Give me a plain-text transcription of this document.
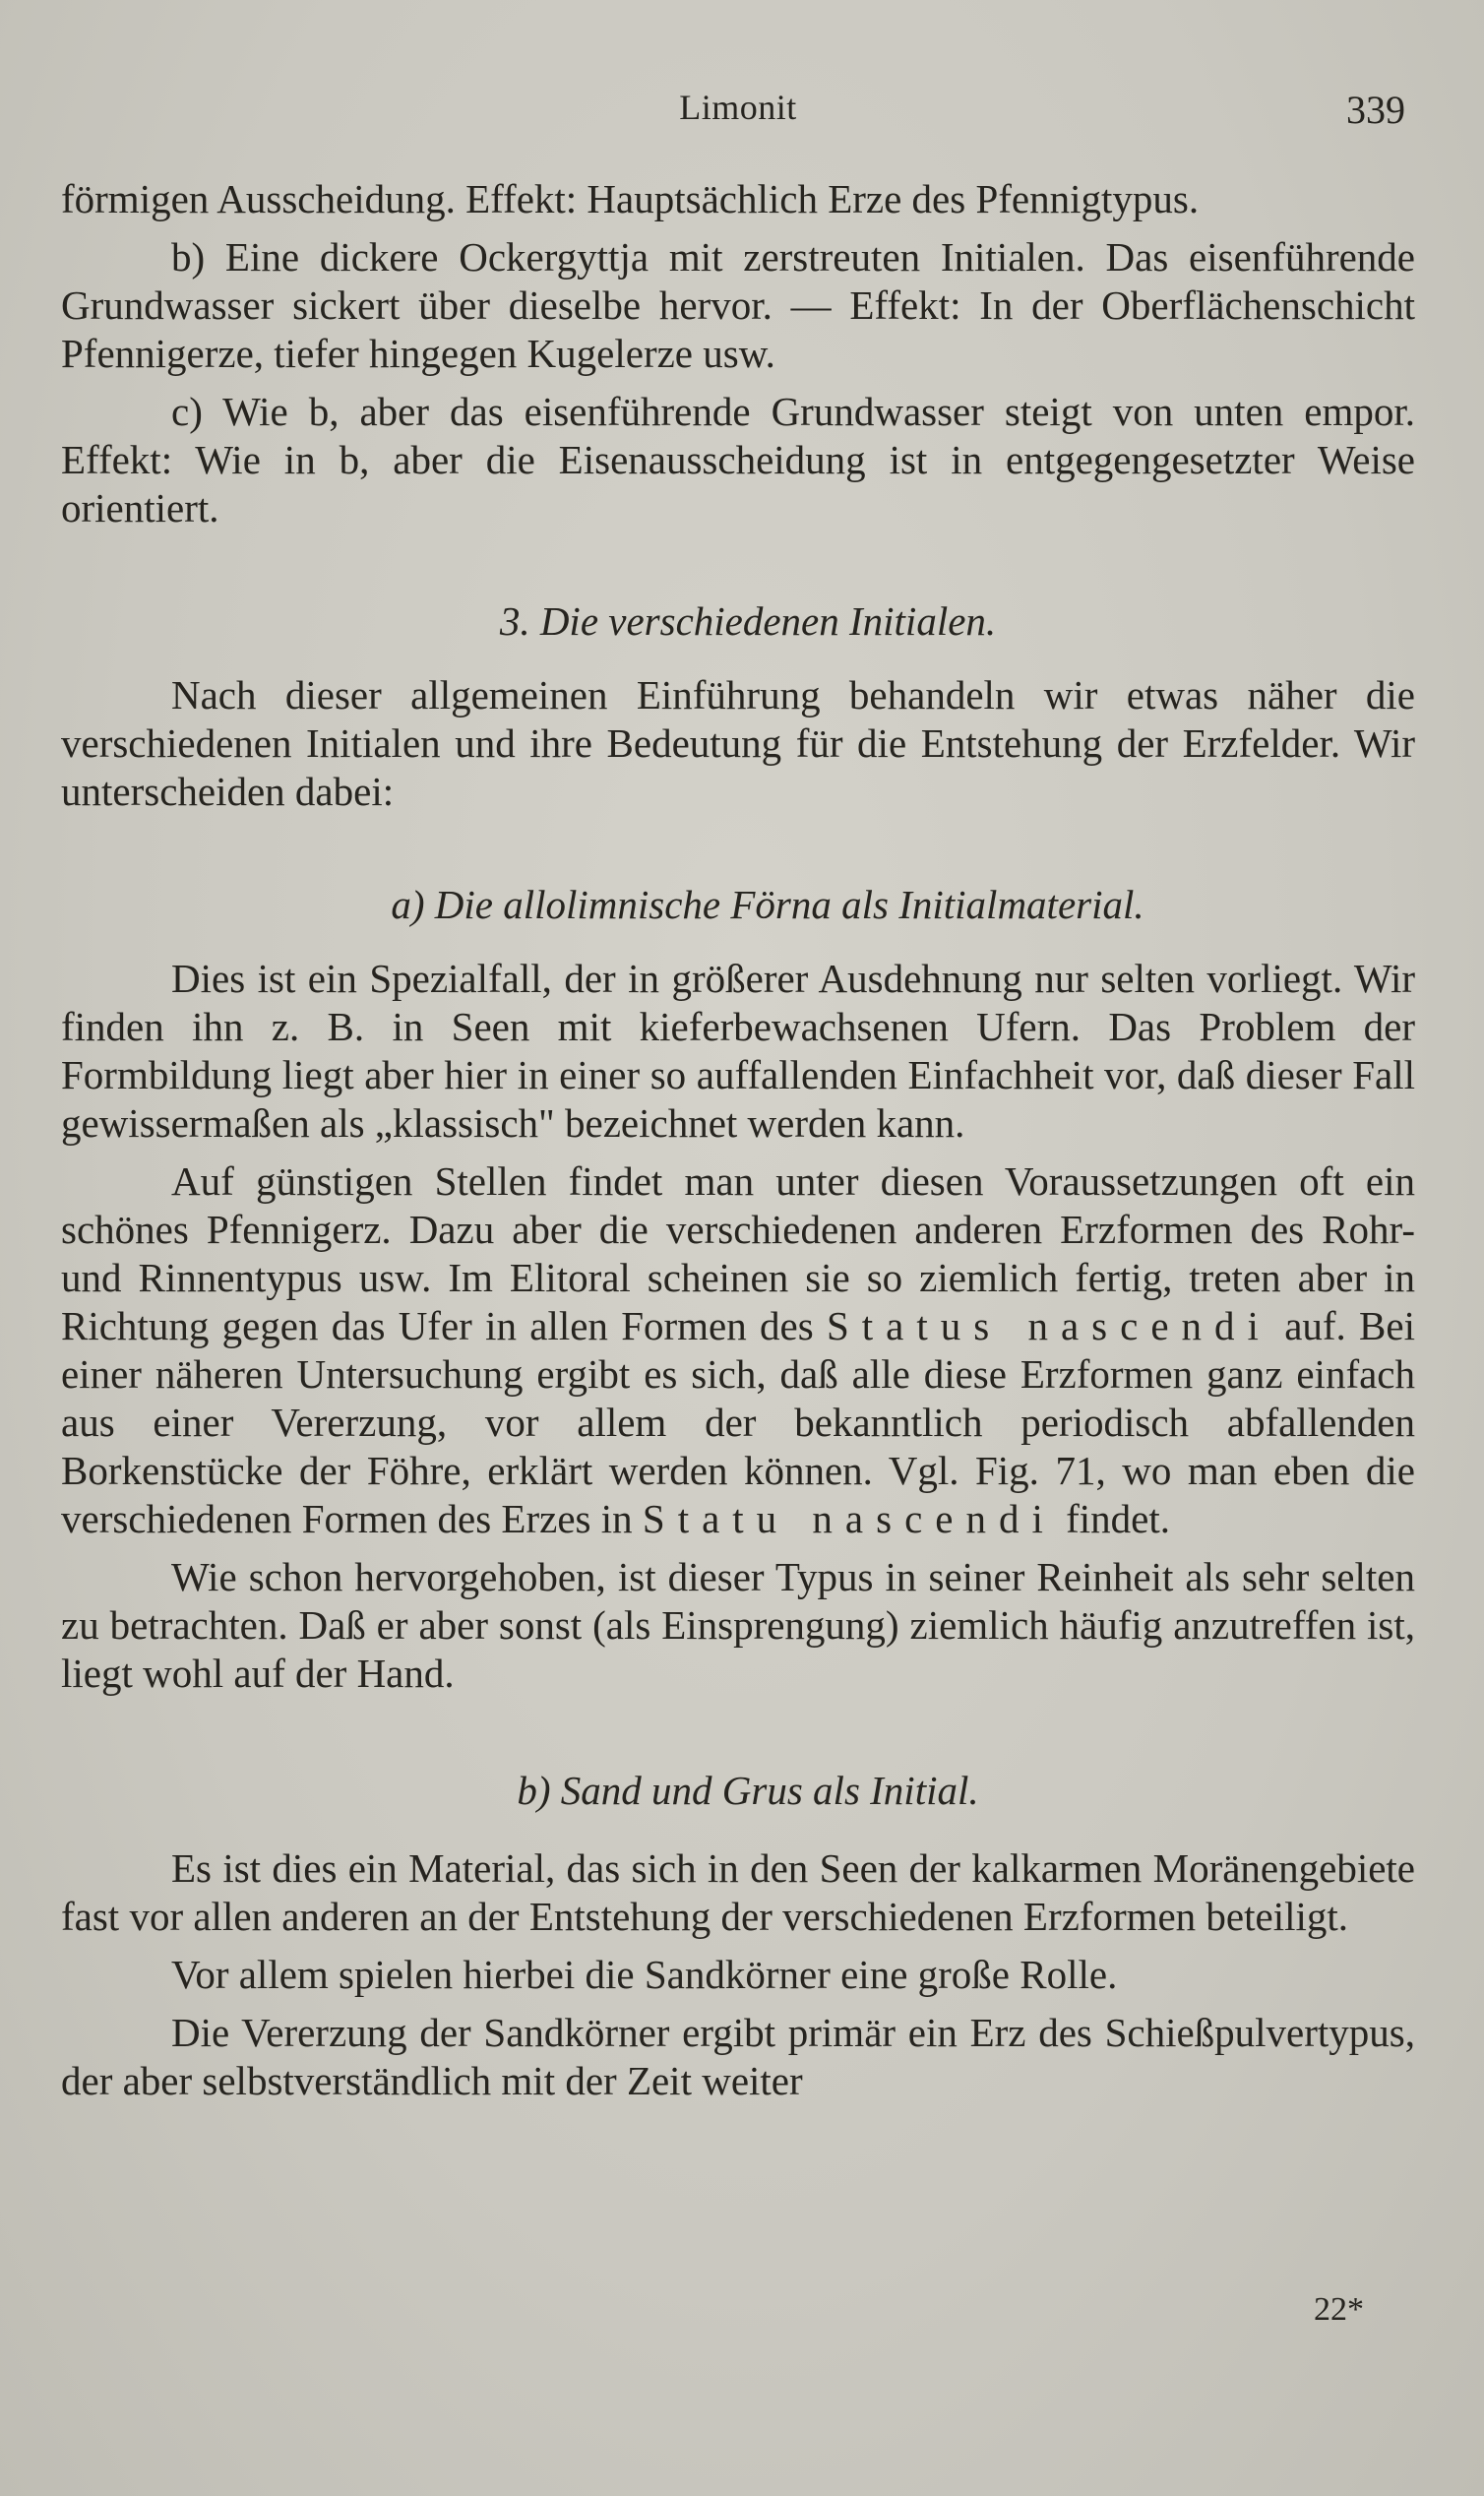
Limonit	339

förmigen Ausscheidung. Effekt: Hauptsächlich Erze des Pfennigtypus.

b) Eine dickere Ockergyttja mit zerstreuten Initialen. Das eisenführende Grundwasser sickert über dieselbe hervor. — Effekt: In der Oberflächenschicht Pfennigerze, tiefer hingegen Kugelerze usw.

c) Wie b, aber das eisenführende Grundwasser steigt von unten empor. Effekt: Wie in b, aber die Eisenausscheidung ist in entgegengesetzter Weise orientiert.

3. Die verschiedenen Initialen.

Nach dieser allgemeinen Einführung behandeln wir etwas näher die verschiedenen Initialen und ihre Bedeutung für die Entstehung der Erzfelder. Wir unterscheiden dabei:

a) Die allolimnische Förna als Initialmaterial.

Dies ist ein Spezialfall, der in größerer Ausdehnung nur selten vorliegt. Wir finden ihn z. B. in Seen mit kieferbewachsenen Ufern. Das Problem der Formbildung liegt aber hier in einer so auffallenden Einfachheit vor, daß dieser Fall gewissermaßen als „klassisch" bezeichnet werden kann.

Auf günstigen Stellen findet man unter diesen Voraussetzungen oft ein schönes Pfennigerz. Dazu aber die verschiedenen anderen Erzformen des Rohr- und Rinnentypus usw. Im Elitoral scheinen sie so ziemlich fertig, treten aber in Richtung gegen das Ufer in allen Formen des Status nascendi auf. Bei einer näheren Untersuchung ergibt es sich, daß alle diese Erzformen ganz einfach aus einer Vererzung, vor allem der bekanntlich periodisch abfallenden Borkenstücke der Föhre, erklärt werden können. Vgl. Fig. 71, wo man eben die verschiedenen Formen des Erzes in Statu nascendi findet.

Wie schon hervorgehoben, ist dieser Typus in seiner Reinheit als sehr selten zu betrachten. Daß er aber sonst (als Einsprengung) ziemlich häufig anzutreffen ist, liegt wohl auf der Hand.

b) Sand und Grus als Initial.

Es ist dies ein Material, das sich in den Seen der kalkarmen Moränengebiete fast vor allen anderen an der Entstehung der verschiedenen Erzformen beteiligt.

Vor allem spielen hierbei die Sandkörner eine große Rolle.

Die Vererzung der Sandkörner ergibt primär ein Erz des Schießpulvertypus, der aber selbstverständlich mit der Zeit weiter

22*
